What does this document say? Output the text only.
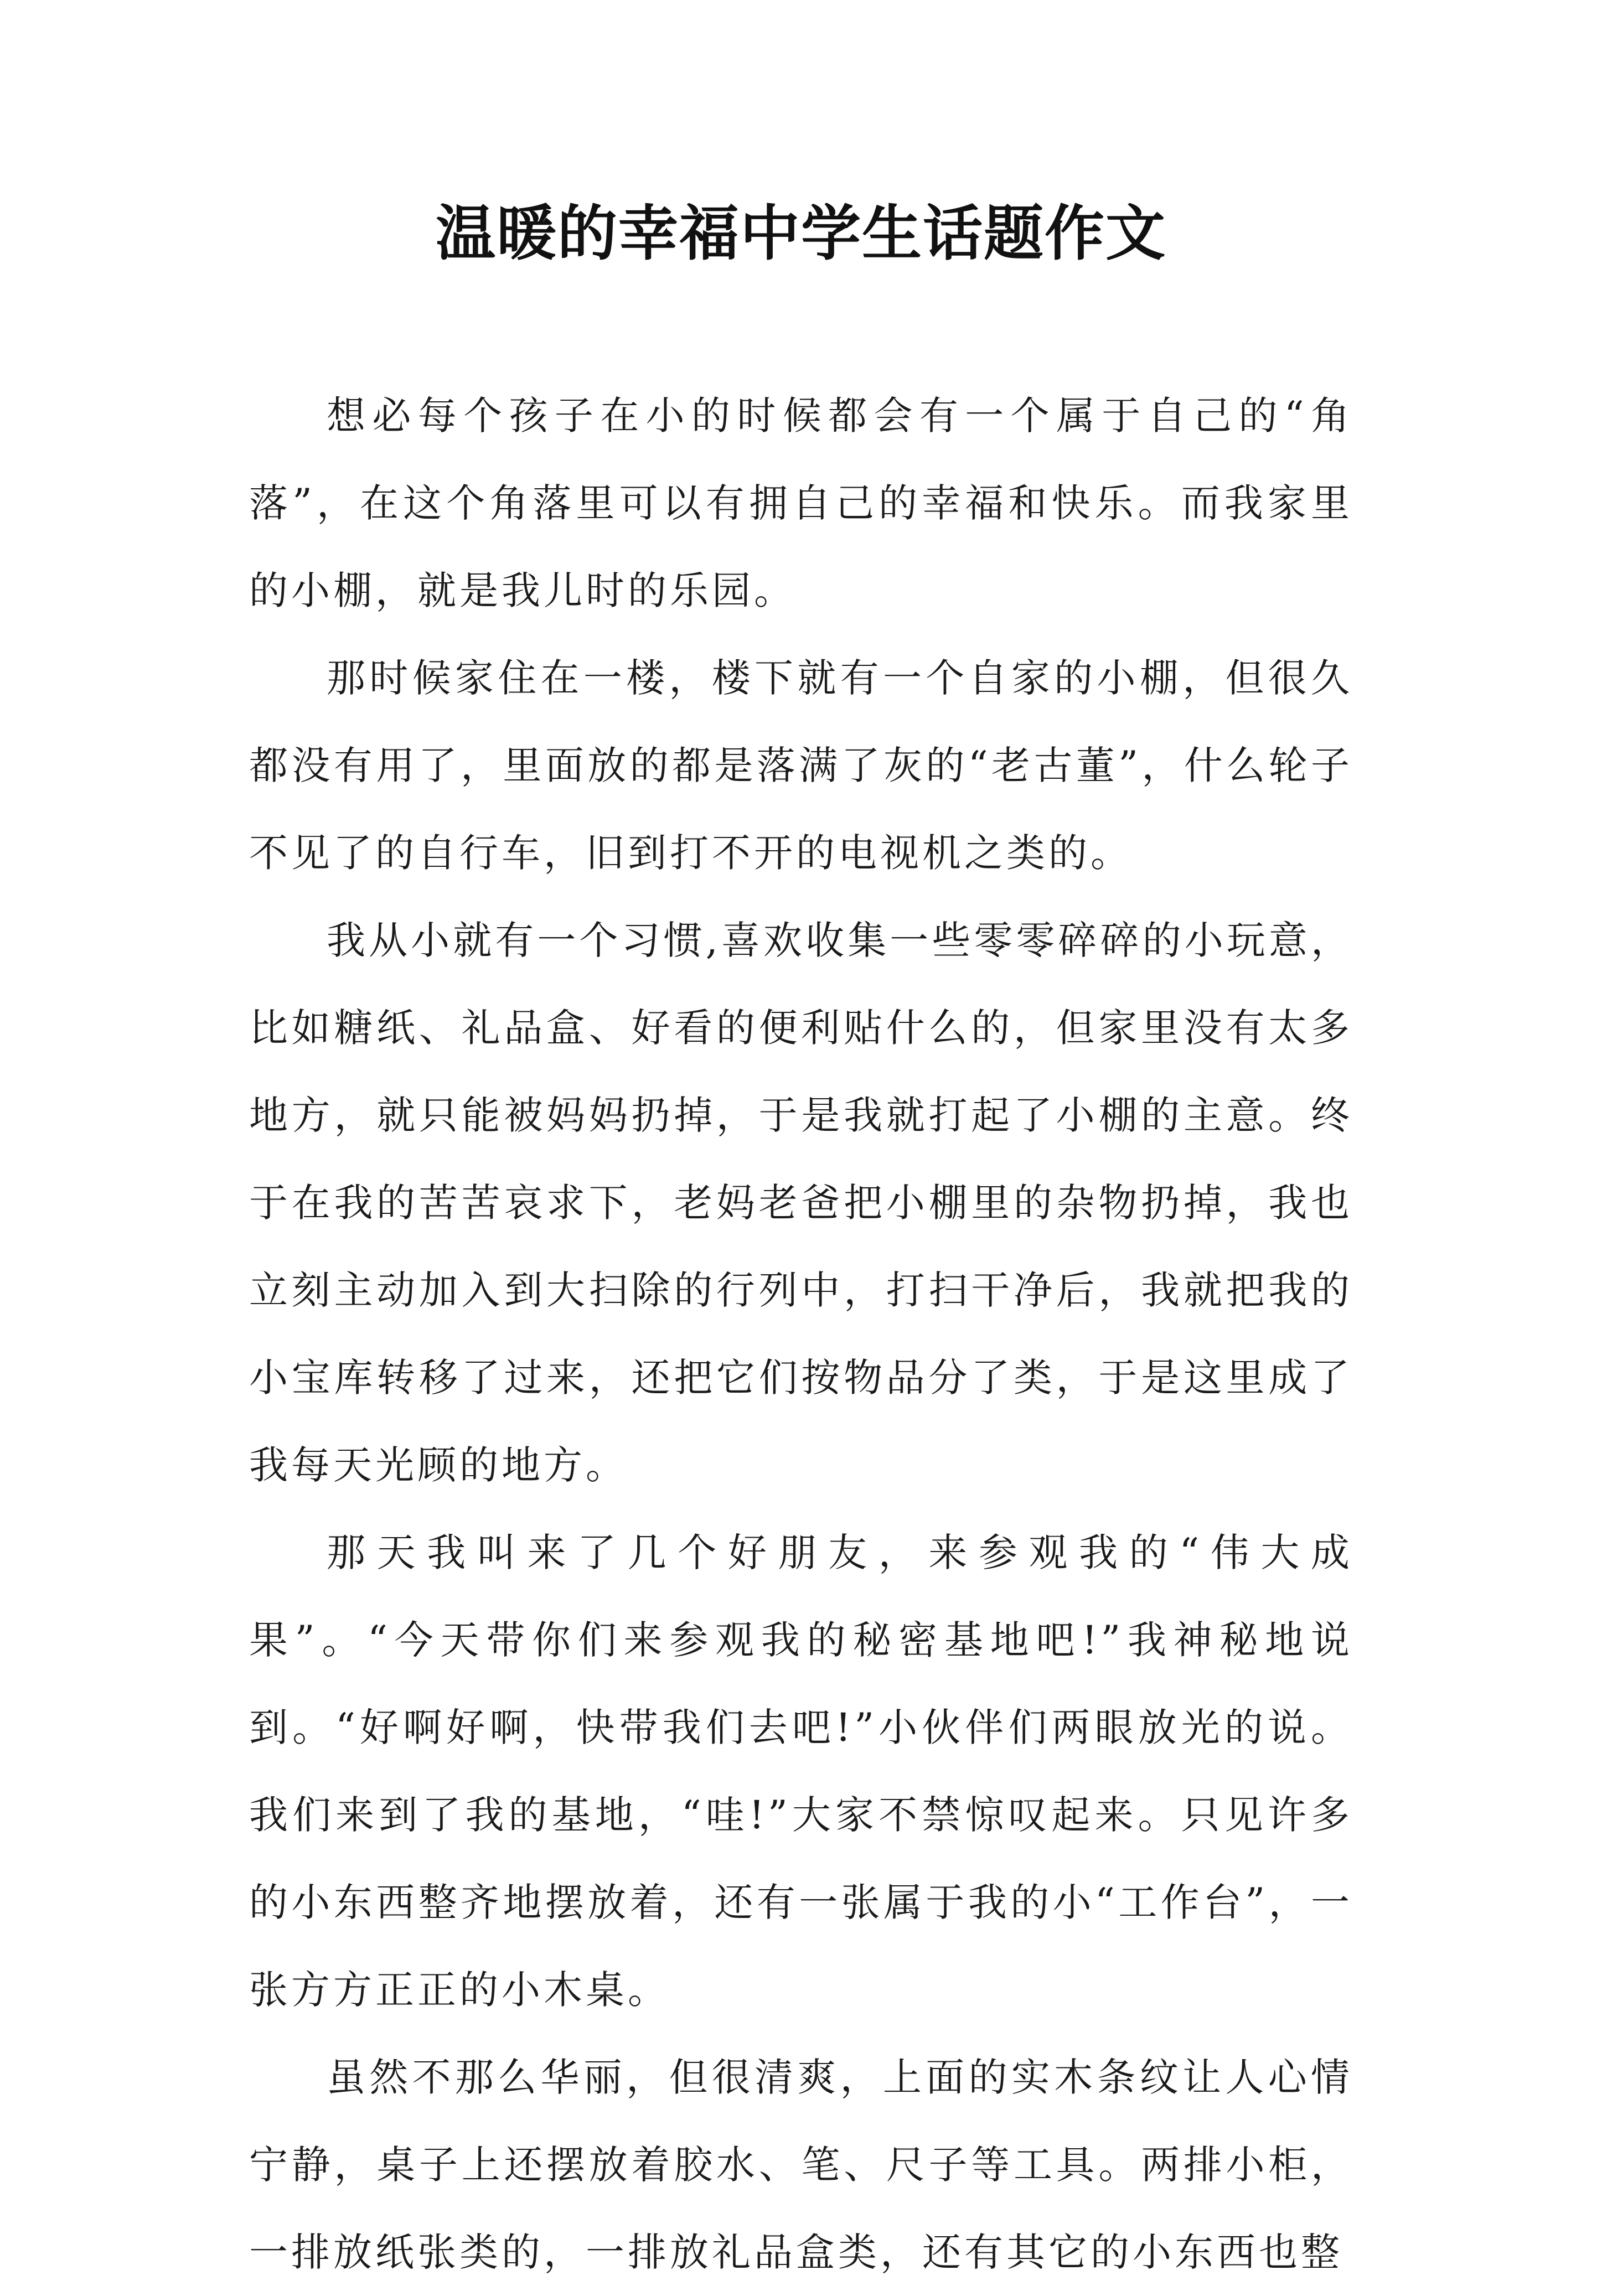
温暖的幸福中学生话题作文

想必每个孩子在小的时候都会有一个属于自己的“角落”，在这个角落里可以有拥自己的幸福和快乐。而我家里的小棚，就是我儿时的乐园。

那时候家住在一楼，楼下就有一个自家的小棚，但很久都没有用了，里面放的都是落满了灰的“老古董”，什么轮子不见了的自行车，旧到打不开的电视机之类的。

我从小就有一个习惯,喜欢收集一些零零碎碎的小玩意，比如糖纸、礼品盒、好看的便利贴什么的，但家里没有太多地方，就只能被妈妈扔掉，于是我就打起了小棚的主意。终于在我的苦苦哀求下，老妈老爸把小棚里的杂物扔掉，我也立刻主动加入到大扫除的行列中，打扫干净后，我就把我的小宝库转移了过来，还把它们按物品分了类，于是这里成了我每天光顾的地方。

那天我叫来了几个好朋友，来参观我的“伟大成果”。“今天带你们来参观我的秘密基地吧!”我神秘地说到。“好啊好啊，快带我们去吧!”小伙伴们两眼放光的说。我们来到了我的基地，“哇!”大家不禁惊叹起来。只见许多的小东西整齐地摆放着，还有一张属于我的小“工作台”，一张方方正正的小木桌。

虽然不那么华丽，但很清爽，上面的实木条纹让人心情宁静，桌子上还摆放着胶水、笔、尺子等工具。两排小柜，一排放纸张类的，一排放礼品盒类，还有其它的小东西也整
